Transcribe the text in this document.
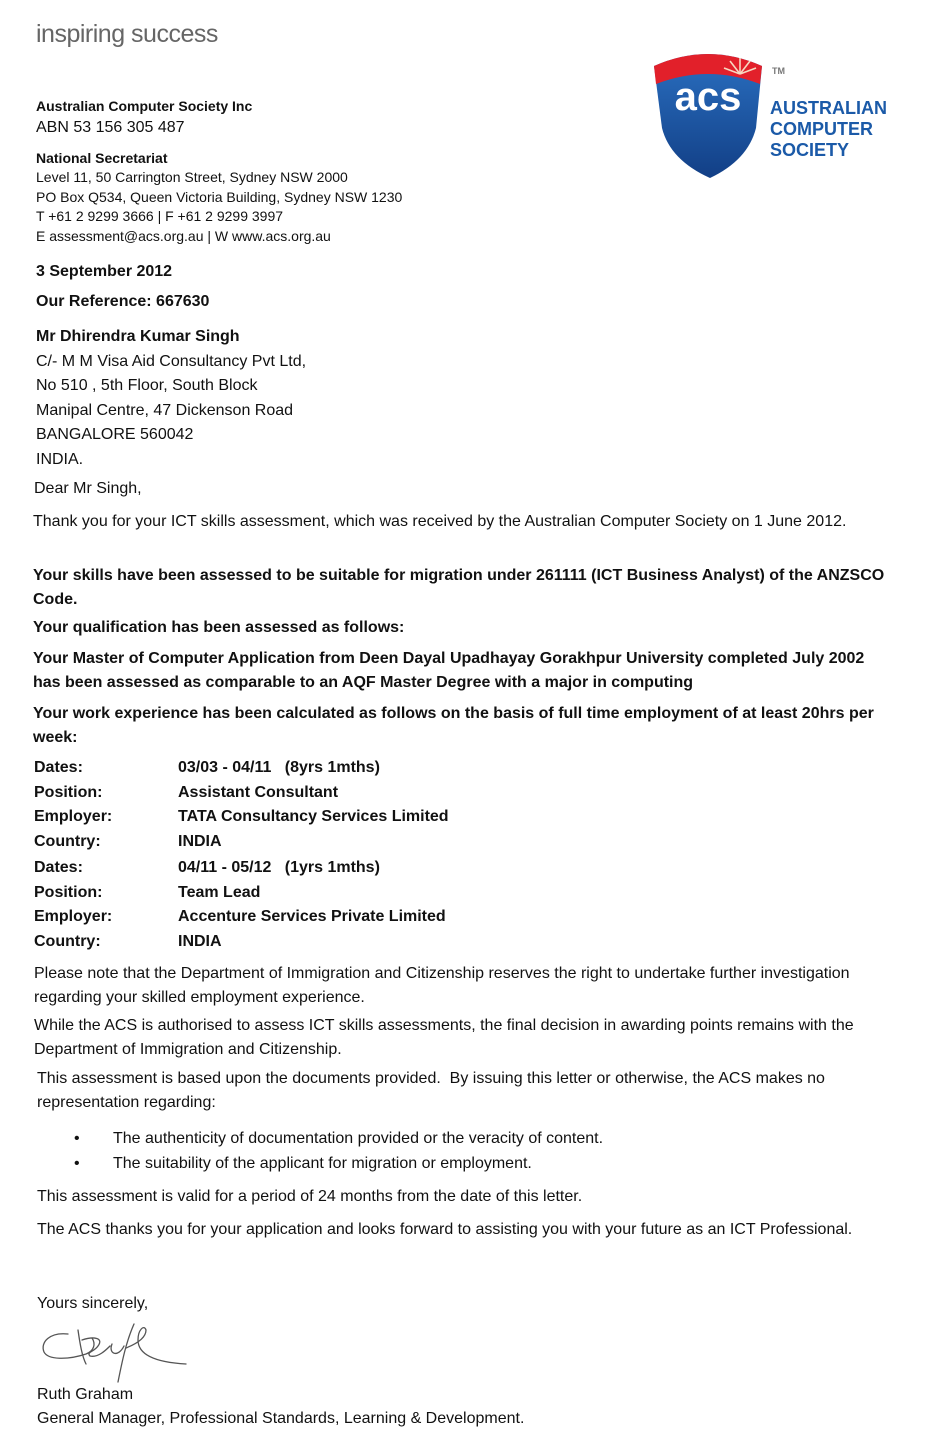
inspiring success
Australian Computer Society Inc
ABN 53 156 305 487
National Secretariat
Level 11, 50 Carrington Street, Sydney NSW 2000
PO Box Q534, Queen Victoria Building, Sydney NSW 1230
T +61 2 9299 3666 | F +61 2 9299 3997
E assessment@acs.org.au | W www.acs.org.au
acs
TM
AUSTRALIAN
COMPUTER
SOCIETY
3 September 2012
Our Reference: 667630
Mr Dhirendra Kumar Singh
C/- M M Visa Aid Consultancy Pvt Ltd,
No 510 , 5th Floor, South Block
Manipal Centre, 47 Dickenson Road
BANGALORE 560042
INDIA.
Dear Mr Singh,
Thank you for your ICT skills assessment, which was received by the Australian Computer Society on 1 June 2012.
Your skills have been assessed to be suitable for migration under 261111 (ICT Business Analyst) of the ANZSCO Code.
Your qualification has been assessed as follows:
Your Master of Computer Application from Deen Dayal Upadhayay Gorakhpur University completed July 2002 has been assessed as comparable to an AQF Master Degree with a major in computing
Your work experience has been calculated as follows on the basis of full time employment of at least 20hrs per week:
Dates:	03/03 - 04/11   (8yrs 1mths)
Position:	Assistant Consultant
Employer:	TATA Consultancy Services Limited
Country:	INDIA
Dates:	04/11 - 05/12   (1yrs 1mths)
Position:	Team Lead
Employer:	Accenture Services Private Limited
Country:	INDIA
Please note that the Department of Immigration and Citizenship reserves the right to undertake further investigation regarding your skilled employment experience.
While the ACS is authorised to assess ICT skills assessments, the final decision in awarding points remains with the Department of Immigration and Citizenship.
This assessment is based upon the documents provided.  By issuing this letter or otherwise, the ACS makes no representation regarding:
•	The authenticity of documentation provided or the veracity of content.
•	The suitability of the applicant for migration or employment.
This assessment is valid for a period of 24 months from the date of this letter.
The ACS thanks you for your application and looks forward to assisting you with your future as an ICT Professional.
Yours sincerely,
Ruth Graham
General Manager, Professional Standards, Learning & Development.
